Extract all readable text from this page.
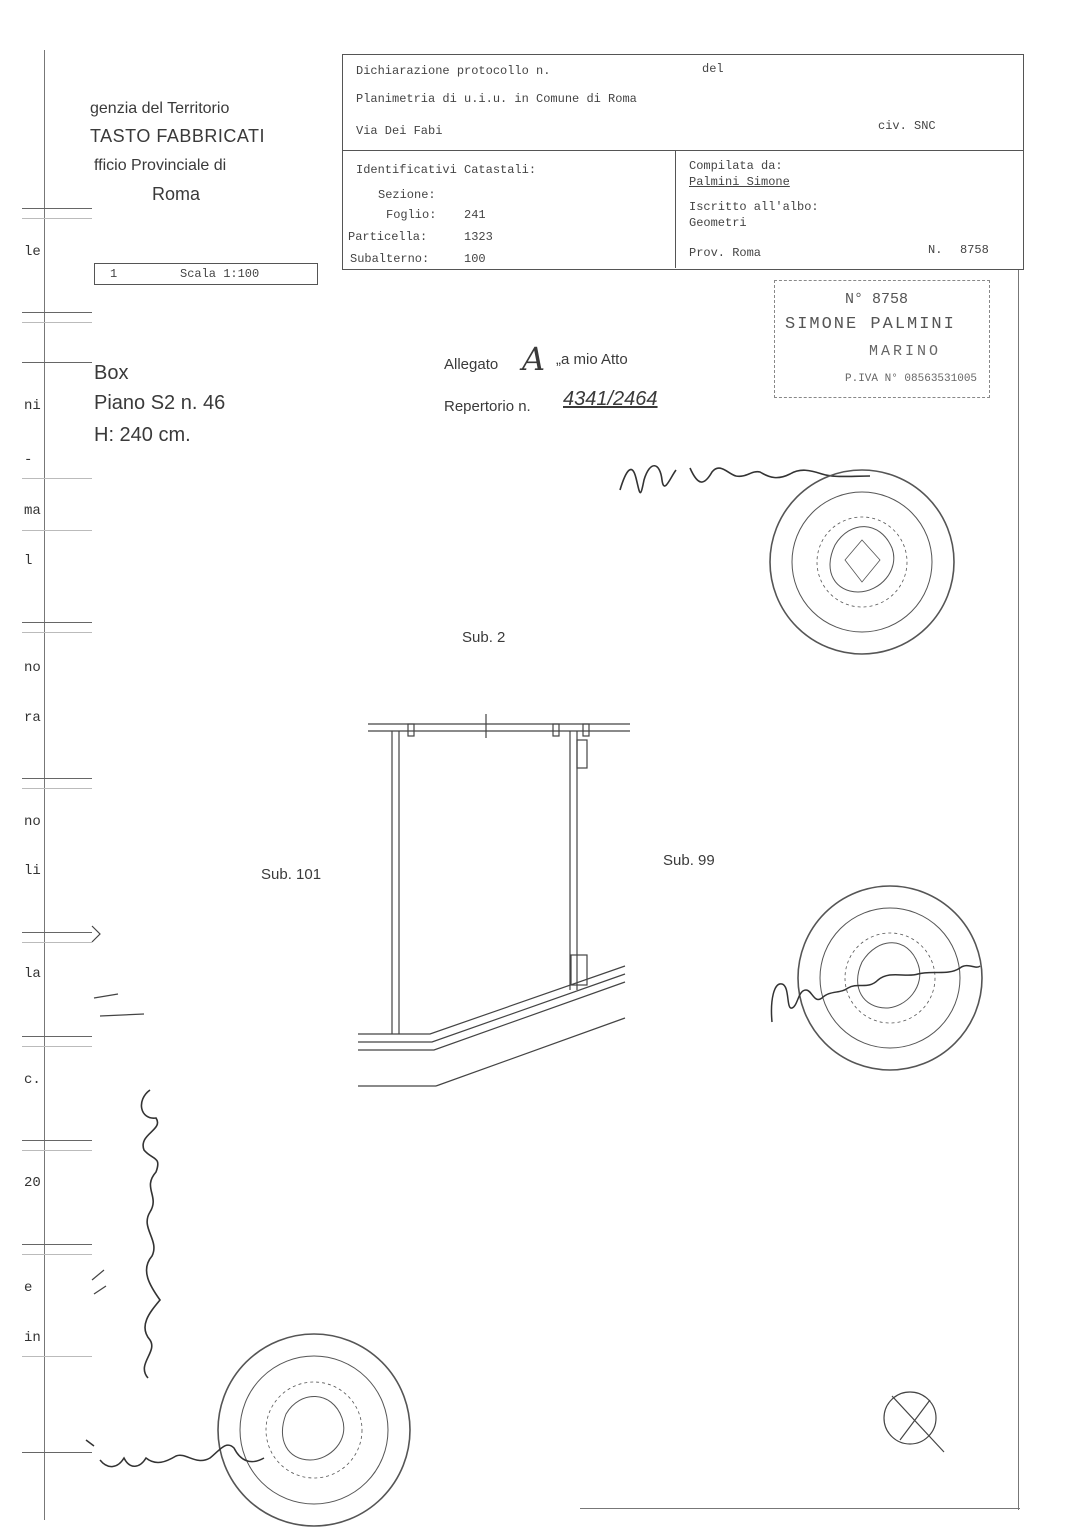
le
ni
-
ma
l
no
ra
no
li
la
c.
20
e
in
genzia del Territorio
TASTO FABBRICATI
fficio Provinciale di
Roma
Dichiarazione protocollo n.	del
Planimetria di u.i.u. in Comune di Roma
Via Dei Fabi	civ. SNC
Identificativi Catastali:
Sezione:
Foglio: 241
Particella:	1323
Subalterno:	100
Compilata da:
Palmini Simone
Iscritto all'albo:
Geometri
Prov. Roma	N. 8758
1	Scala 1:100
N° 8758
SIMONE PALMINI
MARINO
P.IVA N° 08563531005
Box
Piano S2 n. 46
H: 240 cm.
Allegato A „a mio Atto
Repertorio n. 4341/2464
Sub. 2
Sub. 101
Sub. 99
